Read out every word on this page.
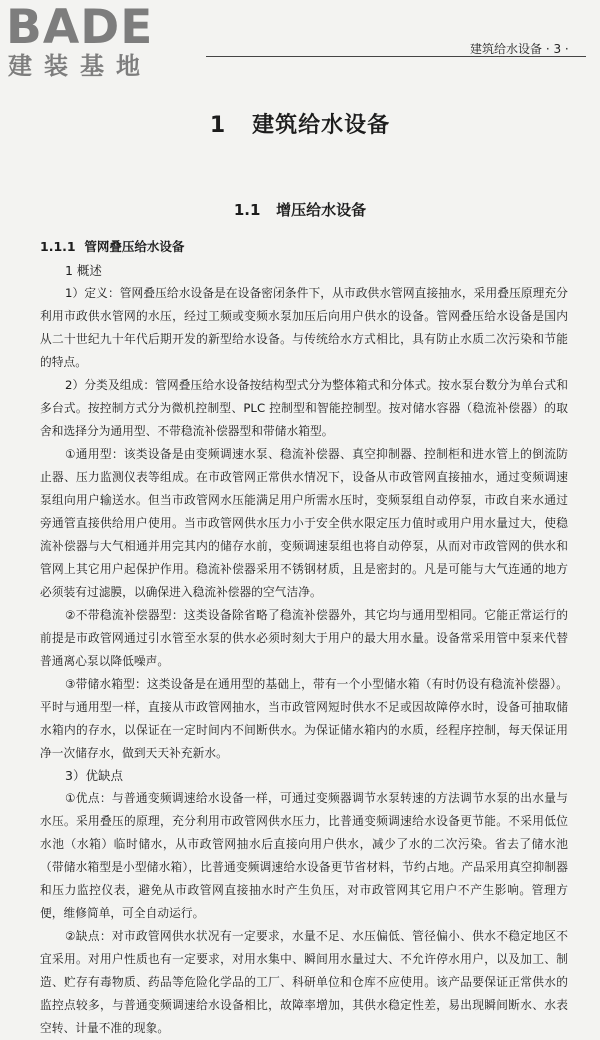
BADE
建装基地
建筑给水设备 · 3 ·
1 建筑给水设备
1.1 增压给水设备
1.1.1 管网叠压给水设备

1 概述

1）定义：管网叠压给水设备是在设备密闭条件下，从市政供水管网直接抽水，采用叠压原理充分利用市政供水管网的水压，经过工频或变频水泵加压后向用户供水的设备。管网叠压给水设备是国内从二十世纪九十年代后期开发的新型给水设备。与传统给水方式相比，具有防止水质二次污染和节能的特点。

2）分类及组成：管网叠压给水设备按结构型式分为整体箱式和分体式。按水泵台数分为单台式和多台式。按控制方式分为微机控制型、PLC 控制型和智能控制型。按对储水容器（稳流补偿器）的取舍和选择分为通用型、不带稳流补偿器型和带储水箱型。

①通用型：该类设备是由变频调速水泵、稳流补偿器、真空抑制器、控制柜和进水管上的倒流防止器、压力监测仪表等组成。在市政管网正常供水情况下，设备从市政管网直接抽水，通过变频调速泵组向用户输送水。但当市政管网水压能满足用户所需水压时，变频泵组自动停泵，市政自来水通过旁通管直接供给用户使用。当市政管网供水压力小于安全供水限定压力值时或用户用水量过大，使稳流补偿器与大气相通并用完其内的储存水前，变频调速泵组也将自动停泵，从而对市政管网的供水和管网上其它用户起保护作用。稳流补偿器采用不锈钢材质，且是密封的。凡是可能与大气连通的地方必须装有过滤膜，以确保进入稳流补偿器的空气洁净。

②不带稳流补偿器型：这类设备除省略了稳流补偿器外，其它均与通用型相同。它能正常运行的前提是市政管网通过引水管至水泵的供水必须时刻大于用户的最大用水量。设备常采用管中泵来代替普通离心泵以降低噪声。

③带储水箱型：这类设备是在通用型的基础上，带有一个小型储水箱（有时仍设有稳流补偿器）。平时与通用型一样，直接从市政管网抽水，当市政管网短时供水不足或因故障停水时，设备可抽取储水箱内的存水，以保证在一定时间内不间断供水。为保证储水箱内的水质，经程序控制，每天保证用净一次储存水，做到天天补充新水。

3）优缺点

①优点：与普通变频调速给水设备一样，可通过变频器调节水泵转速的方法调节水泵的出水量与水压。采用叠压的原理，充分利用市政管网供水压力，比普通变频调速给水设备更节能。不采用低位水池（水箱）临时储水，从市政管网抽水后直接向用户供水，减少了水的二次污染。省去了储水池（带储水箱型是小型储水箱），比普通变频调速给水设备更节省材料，节约占地。产品采用真空抑制器和压力监控仪表，避免从市政管网直接抽水时产生负压，对市政管网其它用户不产生影响。管理方便，维修简单，可全自动运行。

②缺点：对市政管网供水状况有一定要求，水量不足、水压偏低、管径偏小、供水不稳定地区不宜采用。对用户性质也有一定要求，对用水集中、瞬间用水量过大、不允许停水用户，以及加工、制造、贮存有毒物质、药品等危险化学品的工厂、科研单位和仓库不应使用。该产品要保证正常供水的监控点较多，与普通变频调速给水设备相比，故障率增加，其供水稳定性差，易出现瞬间断水、水表空转、计量不准的现象。
